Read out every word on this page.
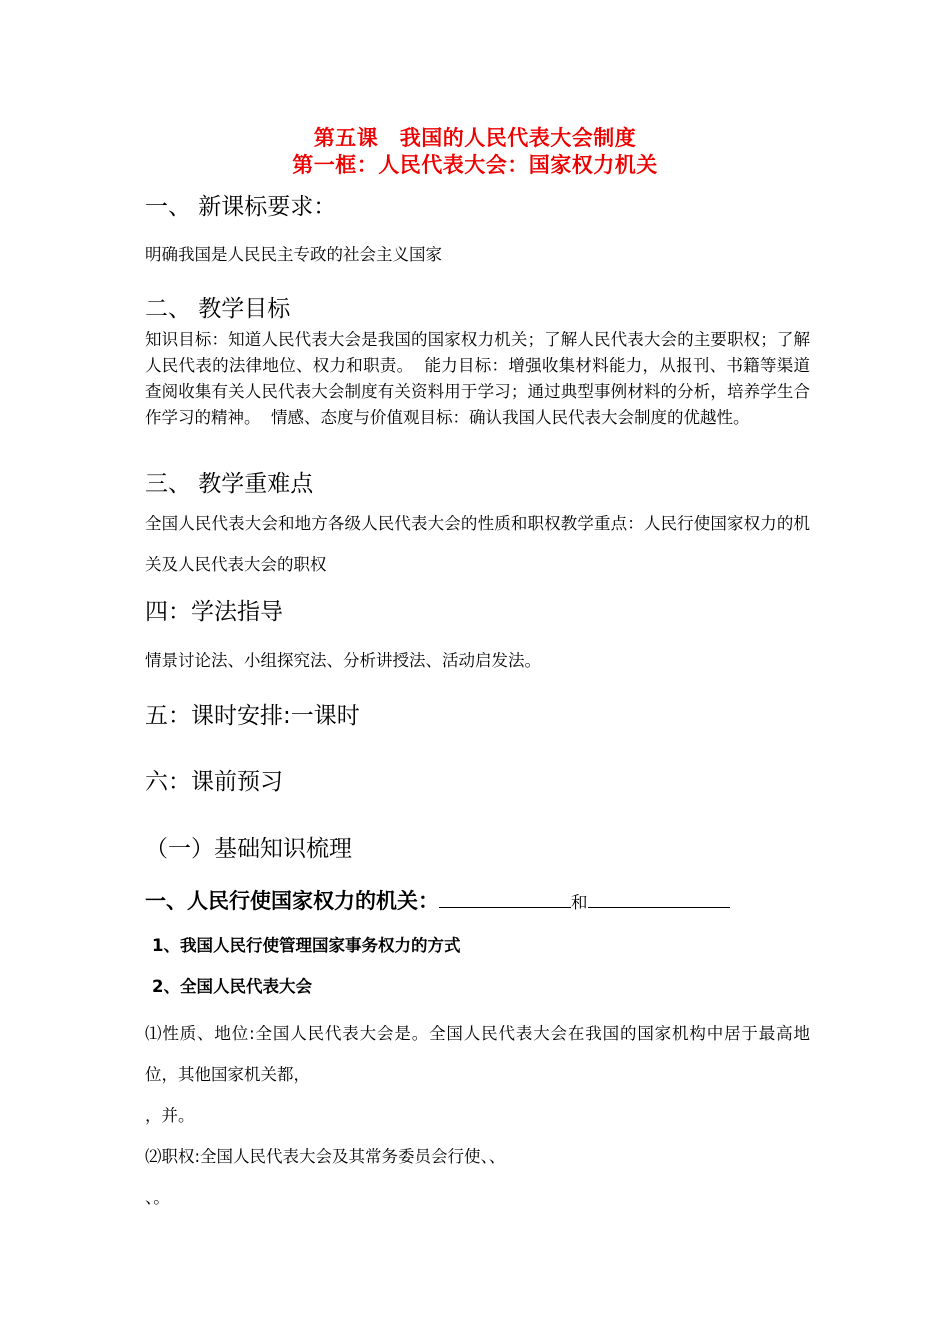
第五课　我国的人民代表大会制度
第一框：人民代表大会：国家权力机关
一、 新课标要求：
明确我国是人民民主专政的社会主义国家
二、 教学目标
知识目标：知道人民代表大会是我国的国家权力机关；了解人民代表大会的主要职权；了解人民代表的法律地位、权力和职责。 能力目标：增强收集材料能力，从报刊、书籍等渠道查阅收集有关人民代表大会制度有关资料用于学习；通过典型事例材料的分析，培养学生合作学习的精神。 情感、态度与价值观目标：确认我国人民代表大会制度的优越性。
三、 教学重难点
全国人民代表大会和地方各级人民代表大会的性质和职权教学重点：人民行使国家权力的机关及人民代表大会的职权
四：学法指导
情景讨论法、小组探究法、分析讲授法、活动启发法。
五：课时安排:一课时
六：课前预习
（一）基础知识梳理
一、人民行使国家权力的机关：	和
1、我国人民行使管理国家事务权力的方式
2、全国人民代表大会
⑴性质、地位:全国人民代表大会是。全国人民代表大会在我国的国家机构中居于最高地位，其他国家机关都，
，并。
⑵职权:全国人民代表大会及其常务委员会行使、、
、。
